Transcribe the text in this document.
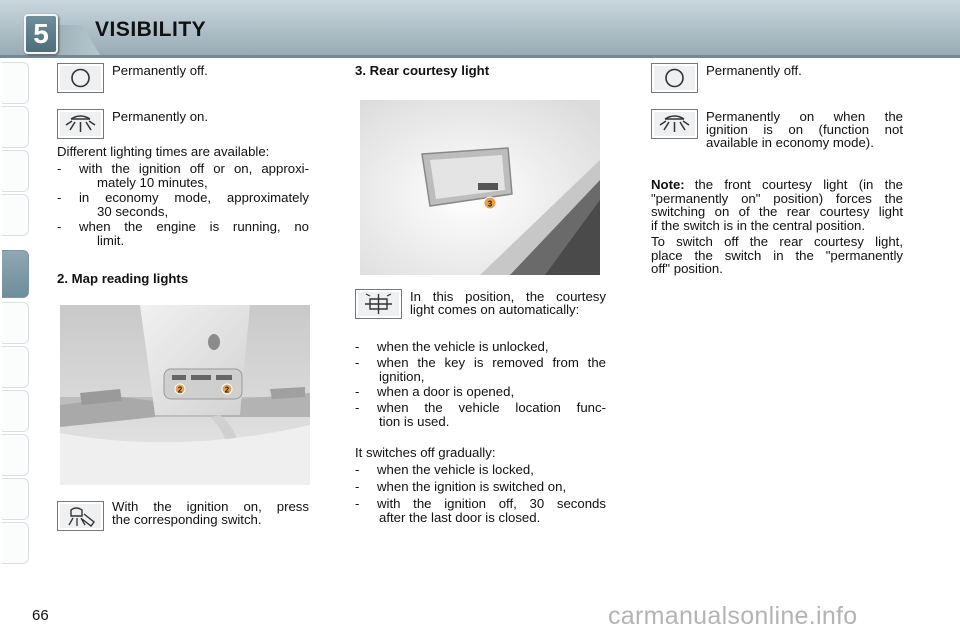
5	VISIBILITY
Permanently off.
Permanently on.
Different lighting times are available:
- with the ignition off or on, approxi-
mately 10 minutes,
- in economy mode, approximately
30 seconds,
- when the engine is running, no
limit.
2. Map reading lights
2	2
With the ignition on, press
the corresponding switch.
3. Rear courtesy light
3
In this position, the courtesy
light comes on automatically:
- when the vehicle is unlocked,
- when the key is removed from the
ignition,
- when a door is opened,
- when the vehicle location func-
tion is used.
It switches off gradually:
- when the vehicle is locked,
- when the ignition is switched on,
- with the ignition off, 30 seconds
after the last door is closed.
Permanently off.
Permanently on when the
ignition is on (function not
available in economy mode).
Note: the front courtesy light (in the
"permanently on" position) forces the
switching on of the rear courtesy light
if the switch is in the central position.
To switch off the rear courtesy light,
place the switch in the "permanently
off" position.
66	carmanualsonline.info
